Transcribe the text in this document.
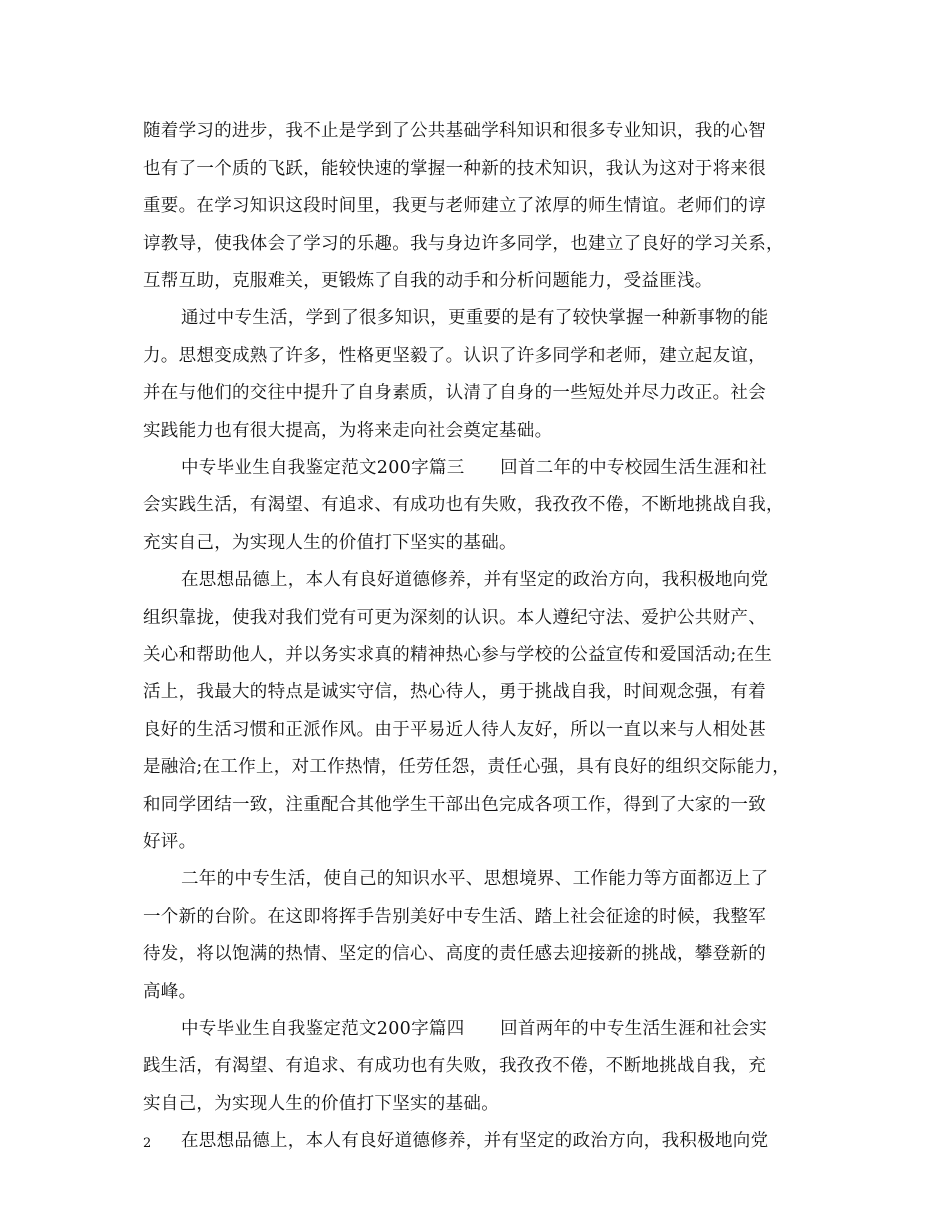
随着学习的进步，我不止是学到了公共基础学科知识和很多专业知识，我的心智
也有了一个质的飞跃，能较快速的掌握一种新的技术知识，我认为这对于将来很
重要。在学习知识这段时间里，我更与老师建立了浓厚的师生情谊。老师们的谆
谆教导，使我体会了学习的乐趣。我与身边许多同学，也建立了良好的学习关系，
互帮互助，克服难关，更锻炼了自我的动手和分析问题能力，受益匪浅。
通过中专生活，学到了很多知识，更重要的是有了较快掌握一种新事物的能
力。思想变成熟了许多，性格更坚毅了。认识了许多同学和老师，建立起友谊，
并在与他们的交往中提升了自身素质，认清了自身的一些短处并尽力改正。社会
实践能力也有很大提高，为将来走向社会奠定基础。
中专毕业生自我鉴定范文200字篇三　　回首二年的中专校园生活生涯和社
会实践生活，有渴望、有追求、有成功也有失败，我孜孜不倦，不断地挑战自我，
充实自己，为实现人生的价值打下坚实的基础。
在思想品德上，本人有良好道德修养，并有坚定的政治方向，我积极地向党
组织靠拢，使我对我们党有可更为深刻的认识。本人遵纪守法、爱护公共财产、
关心和帮助他人，并以务实求真的精神热心参与学校的公益宣传和爱国活动;在生
活上，我最大的特点是诚实守信，热心待人，勇于挑战自我，时间观念强，有着
良好的生活习惯和正派作风。由于平易近人待人友好，所以一直以来与人相处甚
是融洽;在工作上，对工作热情，任劳任怨，责任心强，具有良好的组织交际能力，
和同学团结一致，注重配合其他学生干部出色完成各项工作，得到了大家的一致
好评。
二年的中专生活，使自己的知识水平、思想境界、工作能力等方面都迈上了
一个新的台阶。在这即将挥手告别美好中专生活、踏上社会征途的时候，我整军
待发，将以饱满的热情、坚定的信心、高度的责任感去迎接新的挑战，攀登新的
高峰。
中专毕业生自我鉴定范文200字篇四　　回首两年的中专生活生涯和社会实
践生活，有渴望、有追求、有成功也有失败，我孜孜不倦，不断地挑战自我，充
实自己，为实现人生的价值打下坚实的基础。
在思想品德上，本人有良好道德修养，并有坚定的政治方向，我积极地向党
2
